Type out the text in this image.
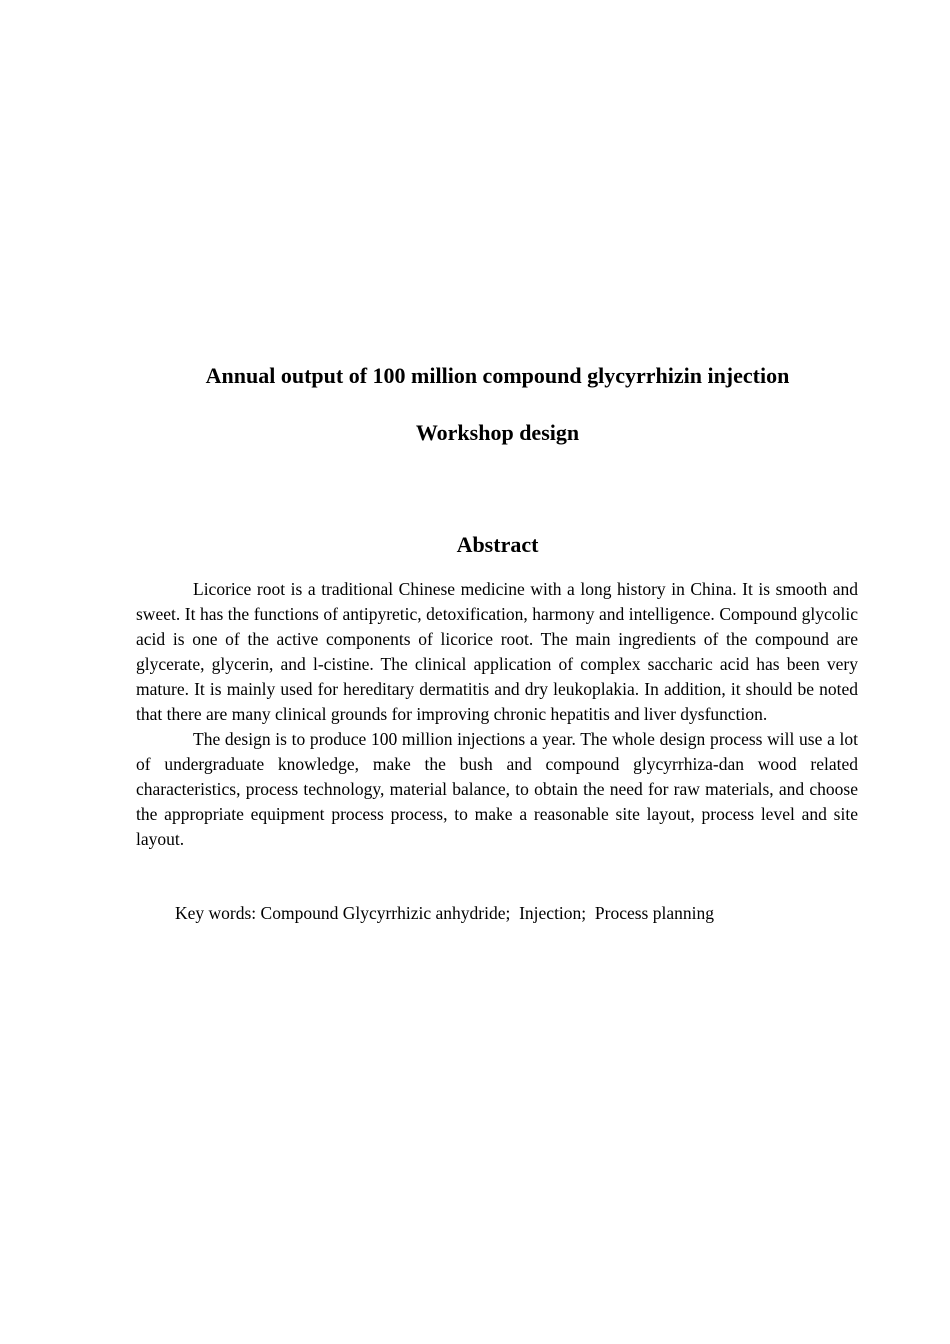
Annual output of 100 million compound glycyrrhizin injection
Workshop design
Abstract

Licorice root is a traditional Chinese medicine with a long history in China. It is smooth and sweet. It has the functions of antipyretic, detoxification, harmony and intelligence. Compound glycolic acid is one of the active components of licorice root. The main ingredients of the compound are glycerate, glycerin, and l-cistine. The clinical application of complex saccharic acid has been very mature. It is mainly used for hereditary dermatitis and dry leukoplakia. In addition, it should be noted that there are many clinical grounds for improving chronic hepatitis and liver dysfunction.

The design is to produce 100 million injections a year. The whole design process will use a lot of undergraduate knowledge, make the bush and compound glycyrrhiza-dan wood related characteristics, process technology, material balance, to obtain the need for raw materials, and choose the appropriate equipment process process, to make a reasonable site layout, process level and site layout.

Key words: Compound Glycyrrhizic anhydride;  Injection;  Process planning
